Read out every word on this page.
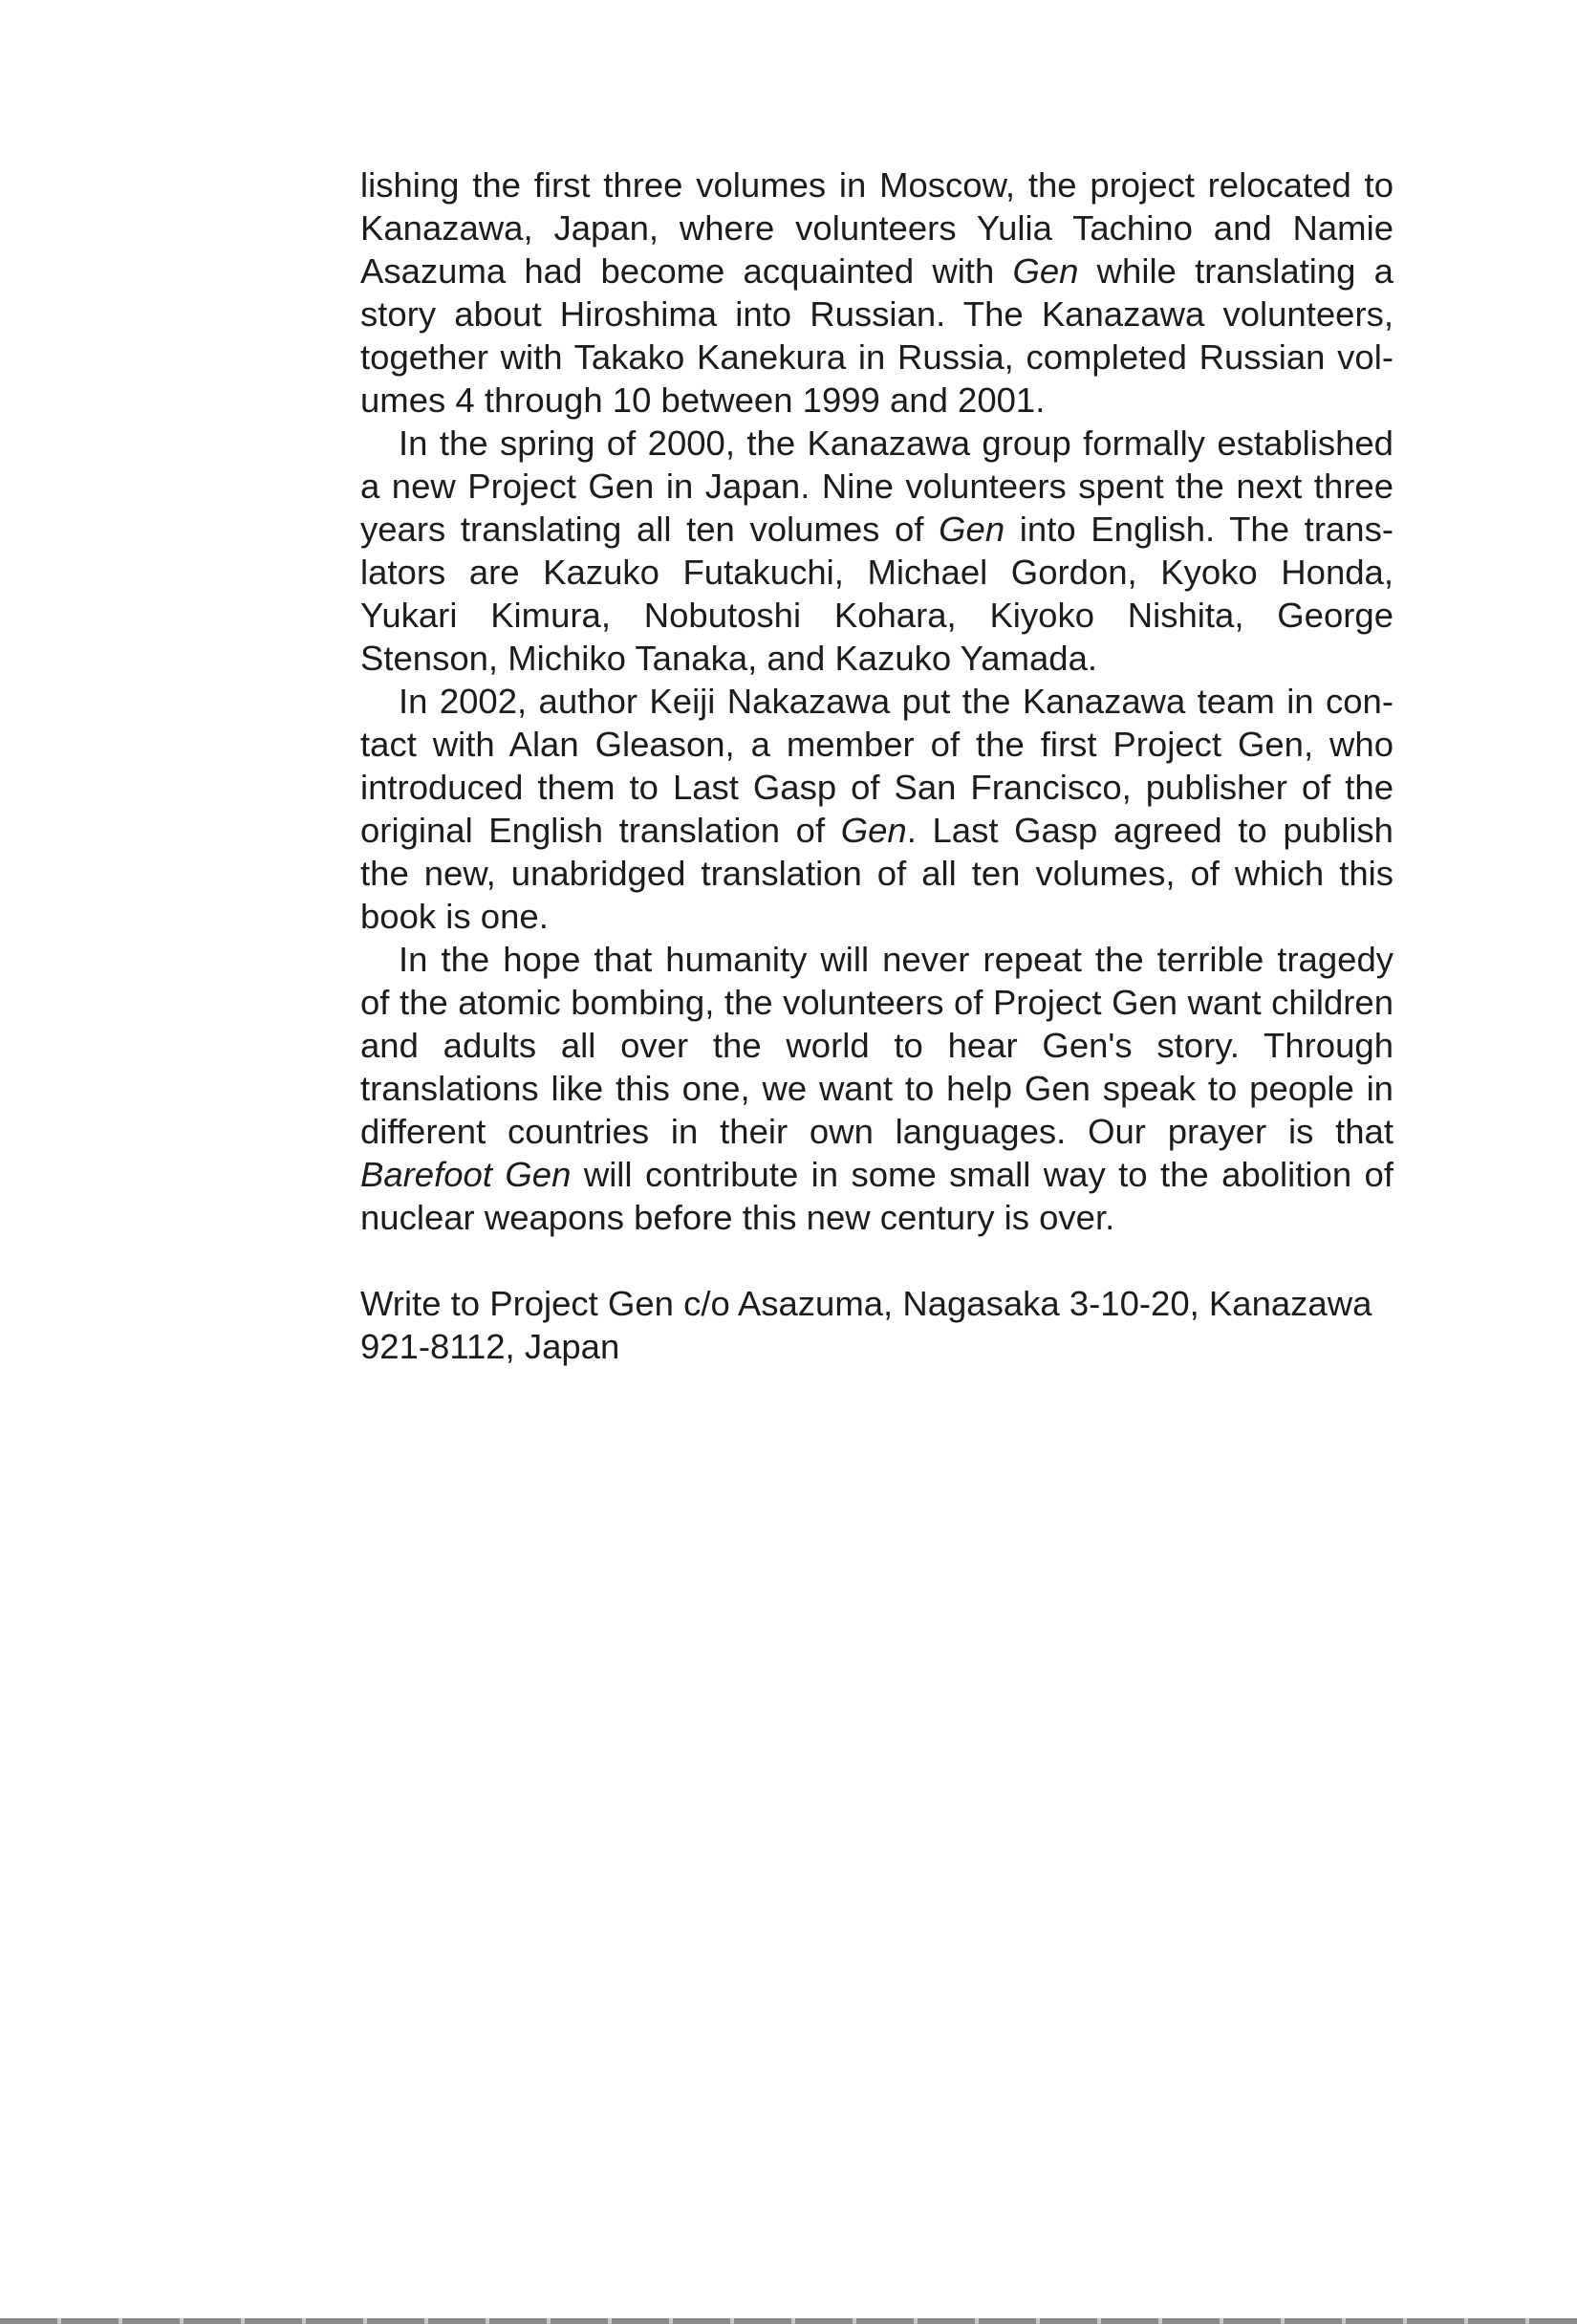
lishing the first three volumes in Moscow, the project relocated to Kanazawa, Japan, where volunteers Yulia Tachino and Namie Asazuma had become acquainted with Gen while translating a story about Hiroshima into Russian. The Kanazawa volunteers, together with Takako Kanekura in Russia, completed Russian volumes 4 through 10 between 1999 and 2001.

In the spring of 2000, the Kanazawa group formally established a new Project Gen in Japan. Nine volunteers spent the next three years translating all ten volumes of Gen into English. The translators are Kazuko Futakuchi, Michael Gordon, Kyoko Honda, Yukari Kimura, Nobutoshi Kohara, Kiyoko Nishita, George Stenson, Michiko Tanaka, and Kazuko Yamada.

In 2002, author Keiji Nakazawa put the Kanazawa team in contact with Alan Gleason, a member of the first Project Gen, who introduced them to Last Gasp of San Francisco, publisher of the original English translation of Gen. Last Gasp agreed to publish the new, unabridged translation of all ten volumes, of which this book is one.

In the hope that humanity will never repeat the terrible tragedy of the atomic bombing, the volunteers of Project Gen want children and adults all over the world to hear Gen's story. Through translations like this one, we want to help Gen speak to people in different countries in their own languages. Our prayer is that Barefoot Gen will contribute in some small way to the abolition of nuclear weapons before this new century is over.

Write to Project Gen c/o Asazuma, Nagasaka 3-10-20, Kanazawa
921-8112, Japan
